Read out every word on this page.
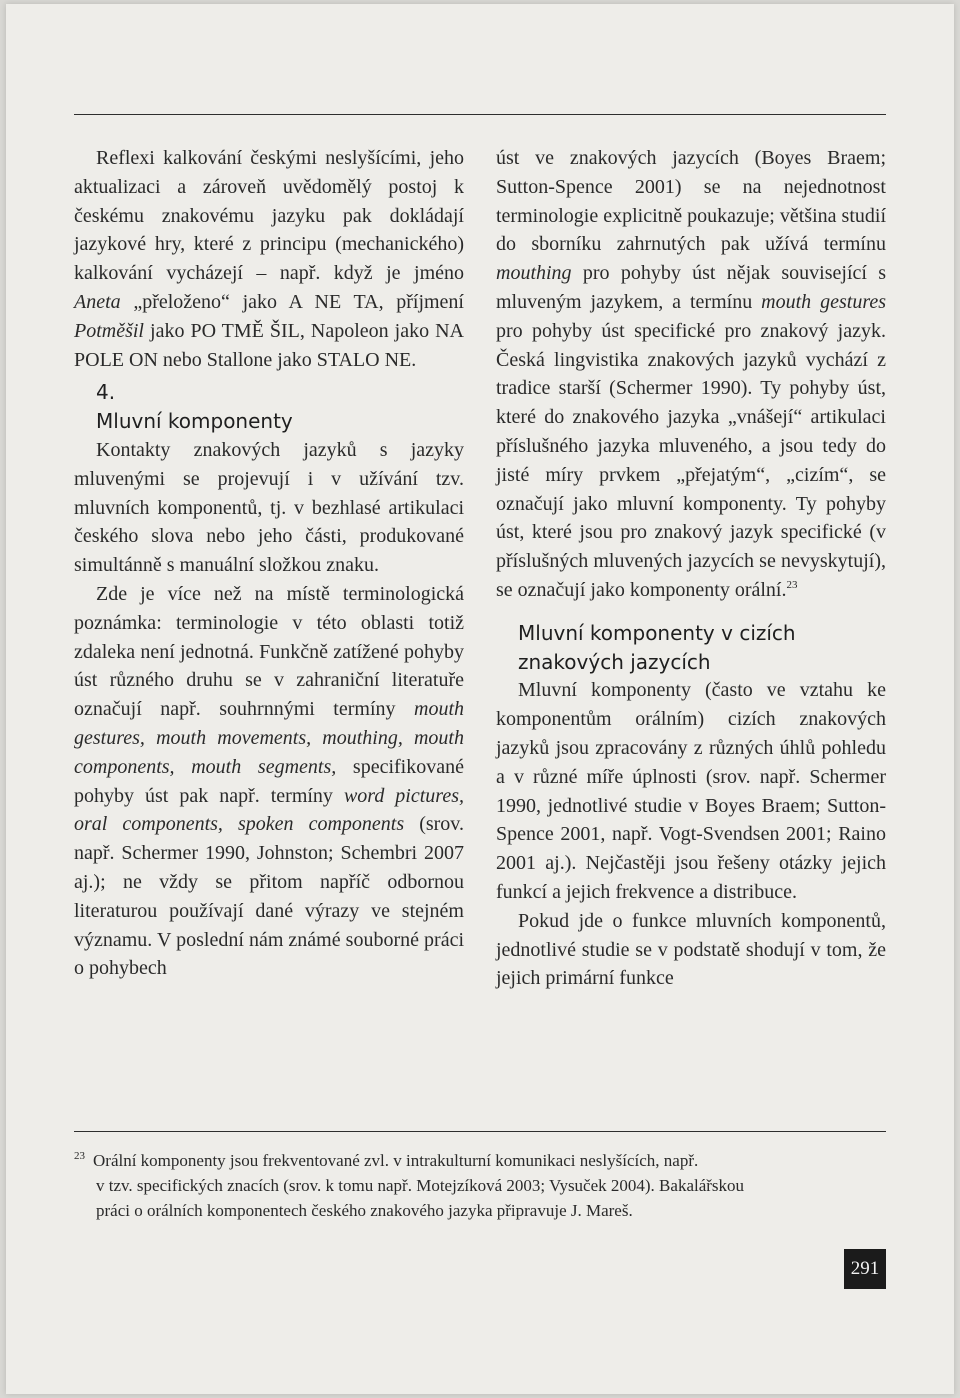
Reflexi kalkování českými neslyšícími, jeho aktualizaci a zároveň uvědomělý postoj k českému znakovému jazyku pak dokládají jazykové hry, které z principu (mechanického) kalkování vycházejí – např. když je jméno Aneta „přeloženo“ jako A NE TA, příjmení Potměšil jako PO TMĚ ŠIL, Napoleon jako NA POLE ON nebo Stallone jako STALO NE.

4.
Mluvní komponenty

Kontakty znakových jazyků s jazyky mluvenými se projevují i v užívání tzv. mluvních komponentů, tj. v bezhlasé artikulaci českého slova nebo jeho části, produkované simultánně s manuální složkou znaku.

Zde je více než na místě terminologická poznámka: terminologie v této oblasti totiž zdaleka není jednotná. Funkčně zatížené pohyby úst různého druhu se v zahraniční literatuře označují např. souhrnnými termíny mouth gestures, mouth movements, mouthing, mouth components, mouth segments, specifikované pohyby úst pak např. termíny word pictures, oral components, spoken components (srov. např. Schermer 1990, Johnston; Schembri 2007 aj.); ne vždy se přitom napříč odbornou literaturou používají dané výrazy ve stejném významu. V poslední nám známé souborné práci o pohybech

úst ve znakových jazycích (Boyes Braem; Sutton-Spence 2001) se na nejednotnost terminologie explicitně poukazuje; většina studií do sborníku zahrnutých pak užívá termínu mouthing pro pohyby úst nějak související s mluveným jazykem, a termínu mouth gestures pro pohyby úst specifické pro znakový jazyk. Česká lingvistika znakových jazyků vychází z tradice starší (Schermer 1990). Ty pohyby úst, které do znakového jazyka „vnášejí“ artikulaci příslušného jazyka mluveného, a jsou tedy do jisté míry prvkem „přejatým“, „cizím“, se označují jako mluvní komponenty. Ty pohyby úst, které jsou pro znakový jazyk specifické (v příslušných mluvených jazycích se nevyskytují), se označují jako komponenty orální.$^{23}$

Mluvní komponenty v cizích znakových jazycích

Mluvní komponenty (často ve vztahu ke komponentům orálním) cizích znakových jazyků jsou zpracovány z různých úhlů pohledu a v různé míře úplnosti (srov. např. Schermer 1990, jednotlivé studie v Boyes Braem; Sutton-Spence 2001, např. Vogt-Svendsen 2001; Raino 2001 aj.). Nejčastěji jsou řešeny otázky jejich funkcí a jejich frekvence a distribuce.

Pokud jde o funkce mluvních komponentů, jednotlivé studie se v podstatě shodují v tom, že jejich primární funkce

$^{23}$ Orální komponenty jsou frekventované zvl. v intrakulturní komunikaci neslyšících, např.
v tzv. specifických znacích (srov. k tomu např. Motejzíková 2003; Vysuček 2004). Bakalářskou
práci o orálních komponentech českého znakového jazyka připravuje J. Mareš.
291
